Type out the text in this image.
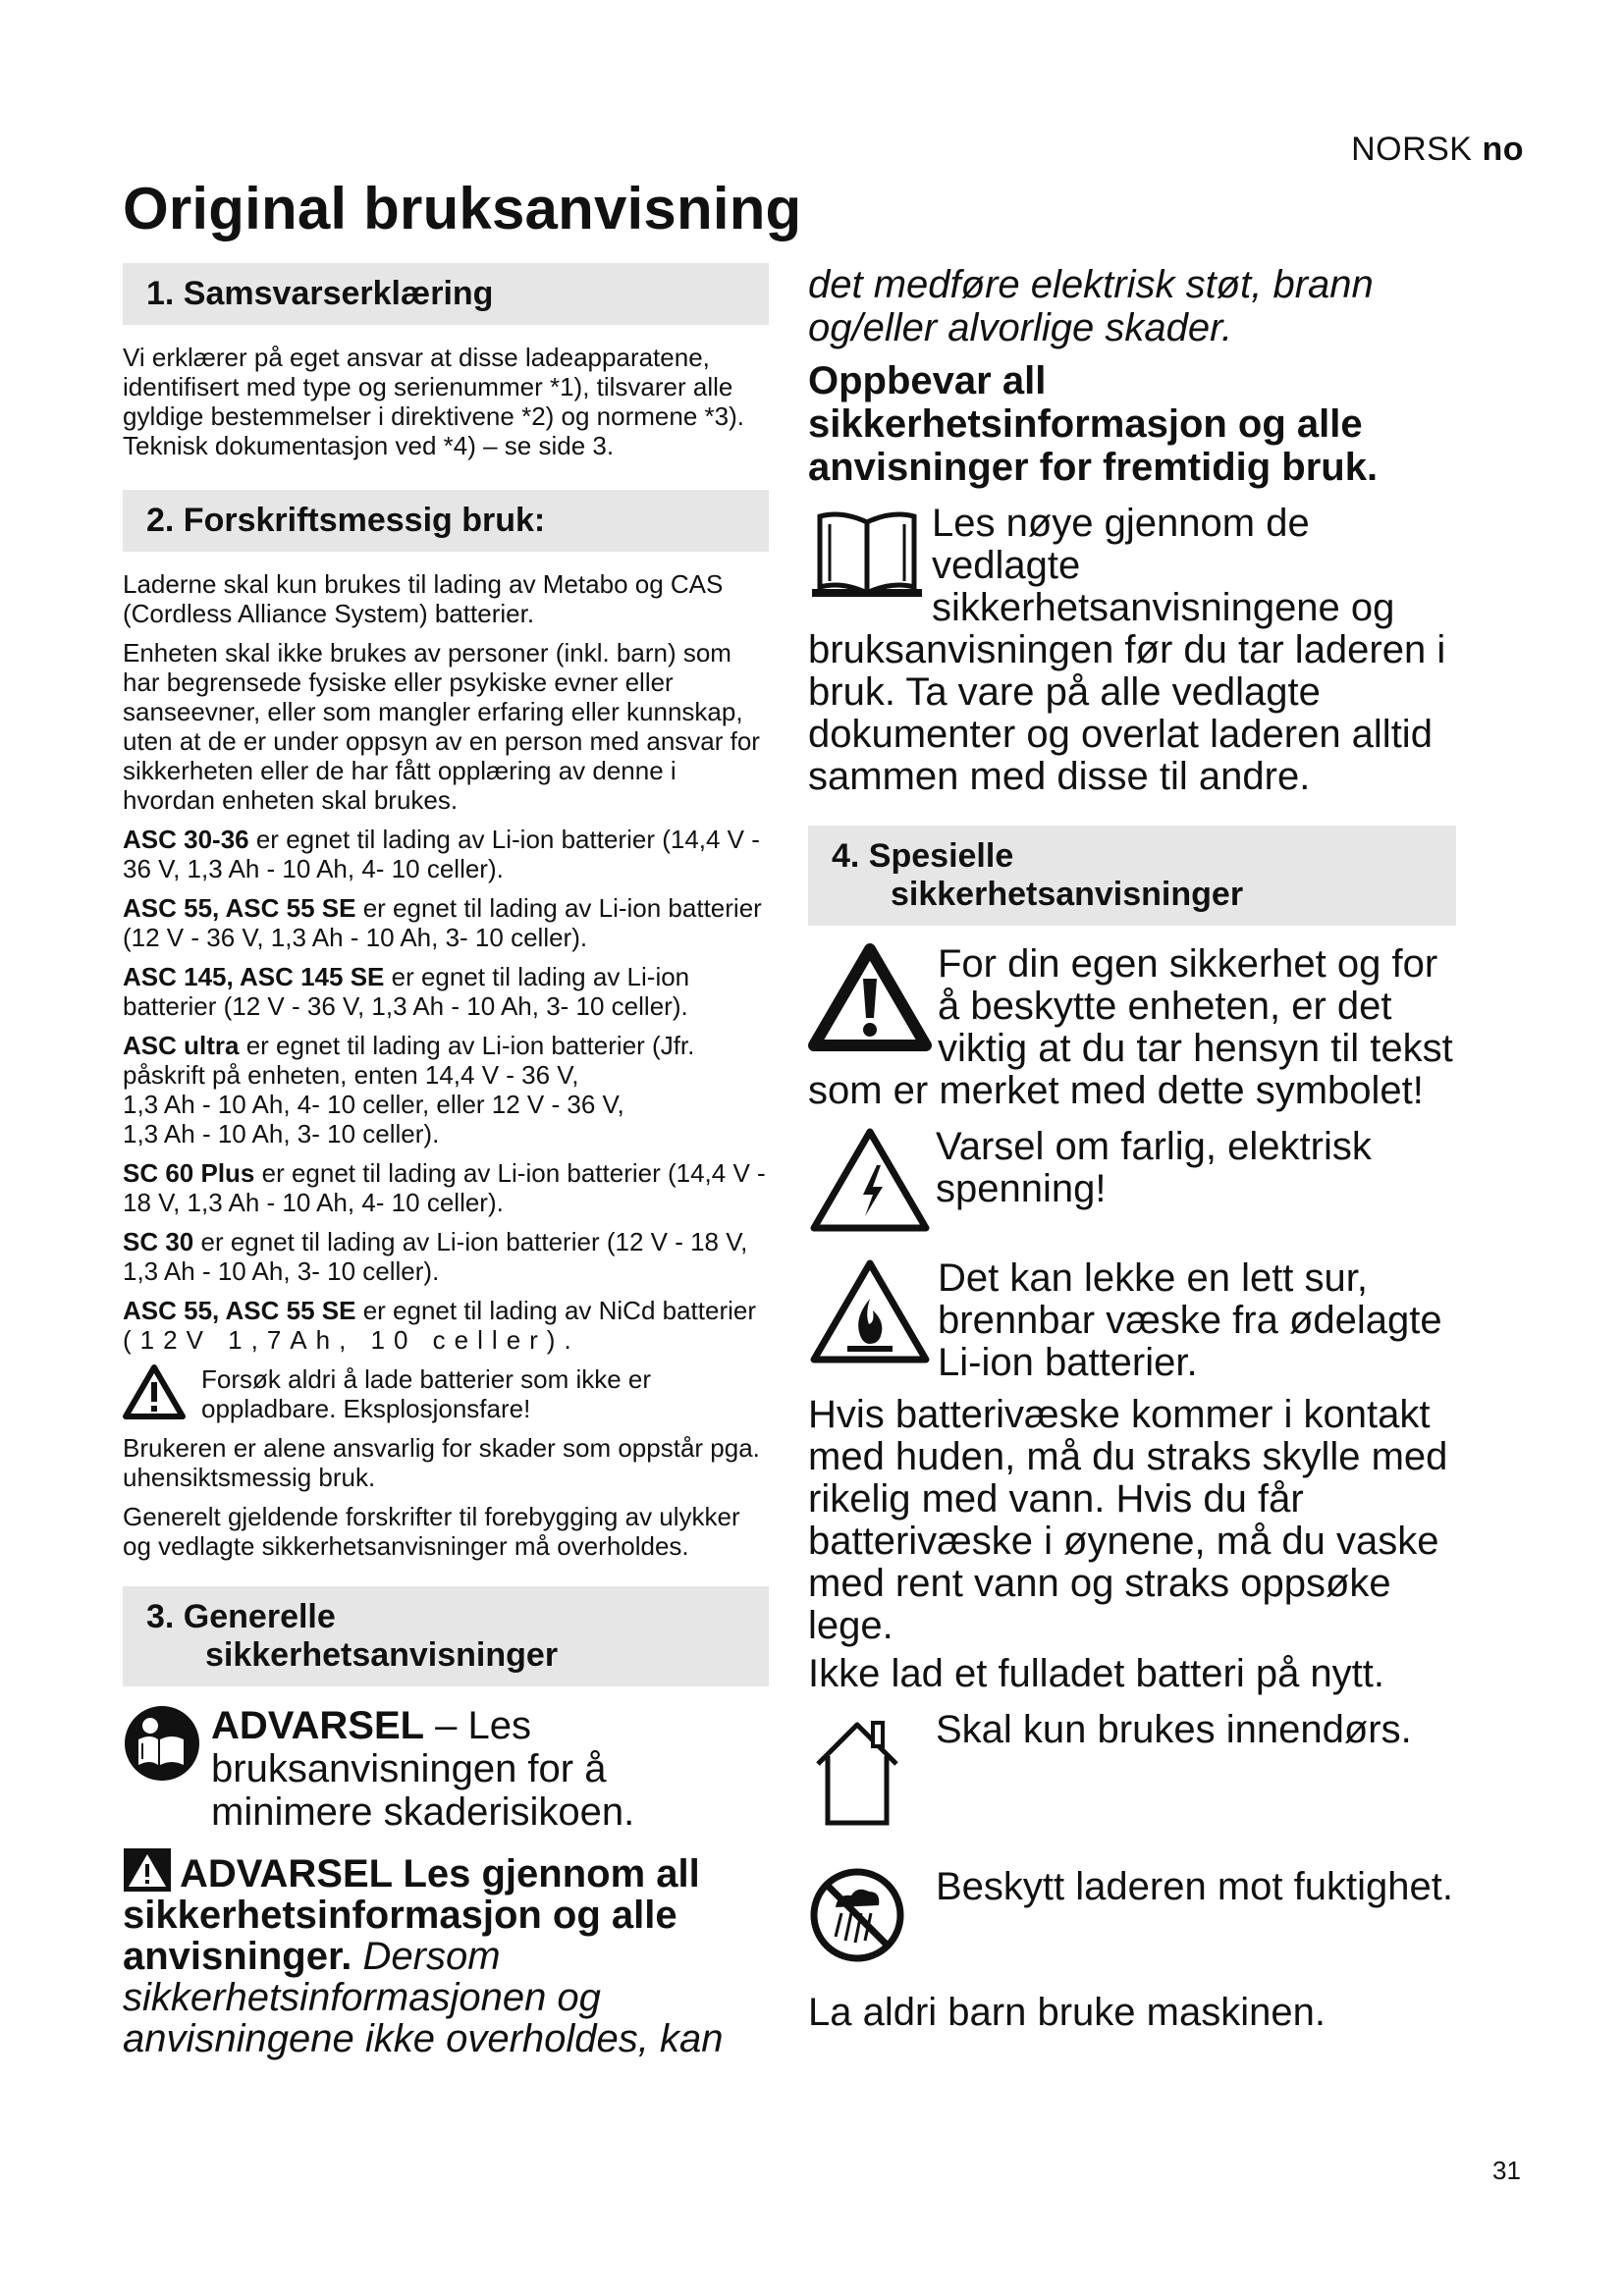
NORSK no
Original bruksanvisning
1. Samsvarserklæring

Vi erklærer på eget ansvar at disse ladeapparatene, identifisert med type og serienummer *1), tilsvarer alle gyldige bestemmelser i direktivene *2) og normene *3). Teknisk dokumentasjon ved *4) – se side 3.

2. Forskriftsmessig bruk:

Laderne skal kun brukes til lading av Metabo og CAS (Cordless Alliance System) batterier.

Enheten skal ikke brukes av personer (inkl. barn) som har begrensede fysiske eller psykiske evner eller sanseevner, eller som mangler erfaring eller kunnskap, uten at de er under oppsyn av en person med ansvar for sikkerheten eller de har fått opplæring av denne i hvordan enheten skal brukes.

ASC 30-36 er egnet til lading av Li-ion batterier (14,4 V - 36 V, 1,3 Ah - 10 Ah, 4- 10 celler).

ASC 55, ASC 55 SE er egnet til lading av Li-ion batterier
(12 V - 36 V, 1,3 Ah - 10 Ah, 3- 10 celler).

ASC 145, ASC 145 SE er egnet til lading av Li-ion batterier (12 V - 36 V, 1,3 Ah - 10 Ah, 3- 10 celler).

ASC ultra er egnet til lading av Li-ion batterier (Jfr. påskrift på enheten, enten 14,4 V - 36 V,
1,3 Ah - 10 Ah, 4- 10 celler, eller 12 V - 36 V,
1,3 Ah - 10 Ah, 3- 10 celler).

SC 60 Plus er egnet til lading av Li-ion batterier (14,4 V - 18 V, 1,3 Ah - 10 Ah, 4- 10 celler).

SC 30 er egnet til lading av Li-ion batterier (12 V - 18 V, 1,3 Ah - 10 Ah, 3- 10 celler).

ASC 55, ASC 55 SE er egnet til lading av NiCd batterier

(12V 1,7Ah, 10 celler).

Forsøk aldri å lade batterier som ikke er oppladbare. Eksplosjonsfare!

Brukeren er alene ansvarlig for skader som oppstår pga. uhensiktsmessig bruk.

Generelt gjeldende forskrifter til forebygging av ulykker og vedlagte sikkerhetsanvisninger må overholdes.

3. Generelle
sikkerhetsanvisninger
ADVARSEL – Les bruksanvisningen for å minimere skaderisikoen.

ADVARSEL Les gjennom all sikkerhetsinformasjon og alle anvisninger. Dersom sikkerhetsinformasjonen og anvisningene ikke overholdes, kan

det medføre elektrisk støt, brann og/eller alvorlige skader.

Oppbevar all sikkerhetsinformasjon og alle anvisninger for fremtidig bruk.

Les nøye gjennom de vedlagte sikkerhetsanvisningene og bruksanvisningen før du tar laderen i bruk. Ta vare på alle vedlagte dokumenter og overlat laderen alltid sammen med disse til andre.
4. Spesielle
sikkerhetsanvisninger
For din egen sikkerhet og for å beskytte enheten, er det viktig at du tar hensyn til tekst som er merket med dette symbolet!
Varsel om farlig, elektrisk spenning!
Det kan lekke en lett sur, brennbar væske fra ødelagte Li-ion batterier.

Hvis batterivæske kommer i kontakt med huden, må du straks skylle med rikelig med vann. Hvis du får batterivæske i øynene, må du vaske med rent vann og straks oppsøke lege.

Ikke lad et fulladet batteri på nytt.

Skal kun brukes innendørs.
Beskytt laderen mot fuktighet.

La aldri barn bruke maskinen.

31
